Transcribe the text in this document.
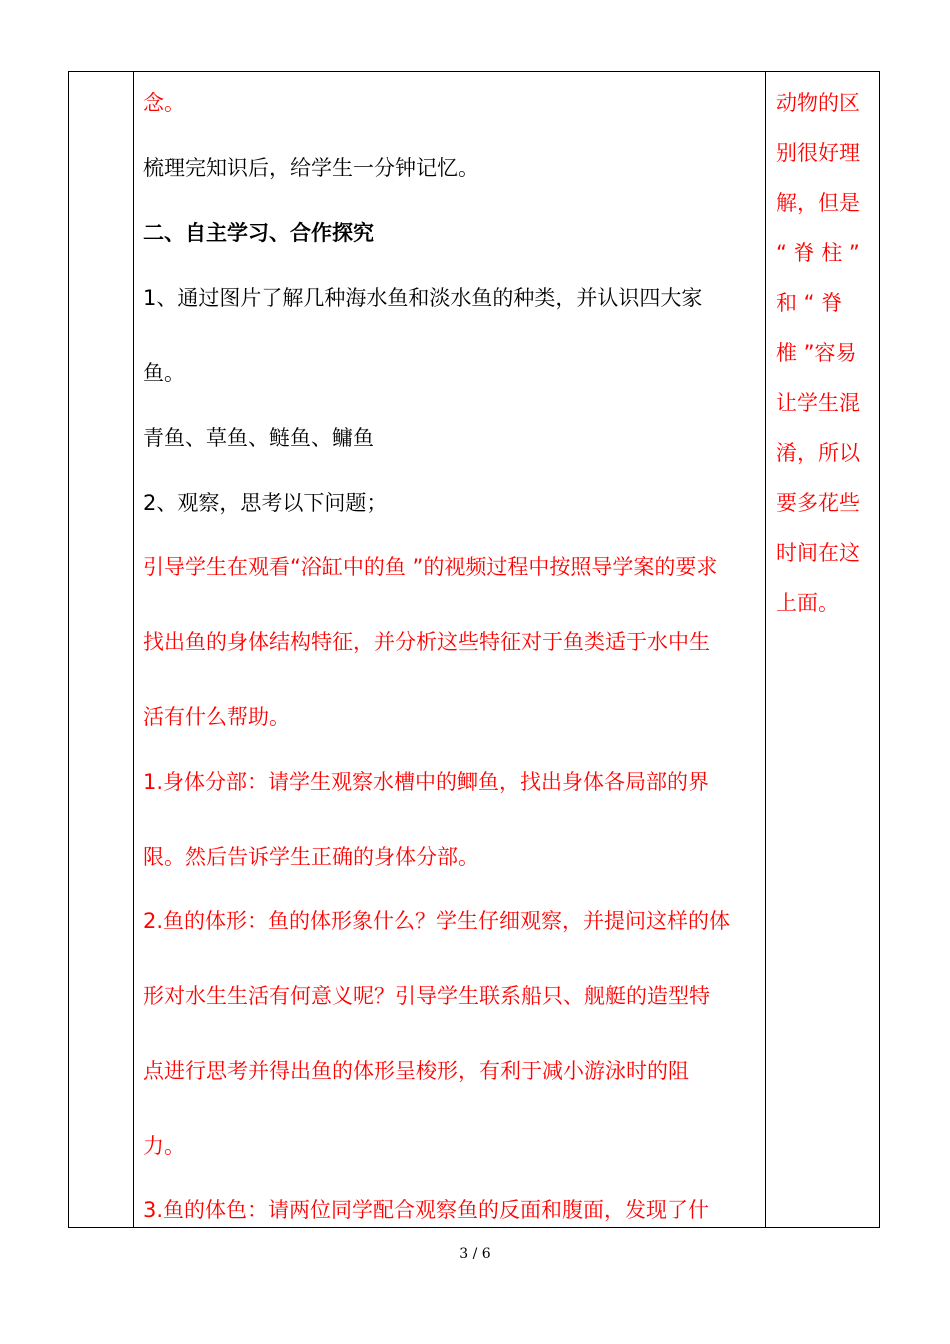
念。
梳理完知识后，给学生一分钟记忆。
二、自主学习、合作探究
1、通过图片了解几种海水鱼和淡水鱼的种类，并认识四大家
鱼。
青鱼、草鱼、鲢鱼、鳙鱼
2、观察，思考以下问题；
引导学生在观看“浴缸中的鱼 ”的视频过程中按照导学案的要求
找出鱼的身体结构特征，并分析这些特征对于鱼类适于水中生
活有什么帮助。
1.身体分部：请学生观察水槽中的鲫鱼，找出身体各局部的界
限。然后告诉学生正确的身体分部。
2.鱼的体形：鱼的体形象什么？学生仔细观察，并提问这样的体
形对水生生活有何意义呢？引导学生联系船只、舰艇的造型特
点进行思考并得出鱼的体形呈梭形，有利于减小游泳时的阻
力。
3.鱼的体色：请两位同学配合观察鱼的反面和腹面，发现了什
动物的区
别很好理
解，但是
“ 脊 柱 ”
和 “ 脊
椎 ”容易
让学生混
淆，所以
要多花些
时间在这
上面。
3 / 6
